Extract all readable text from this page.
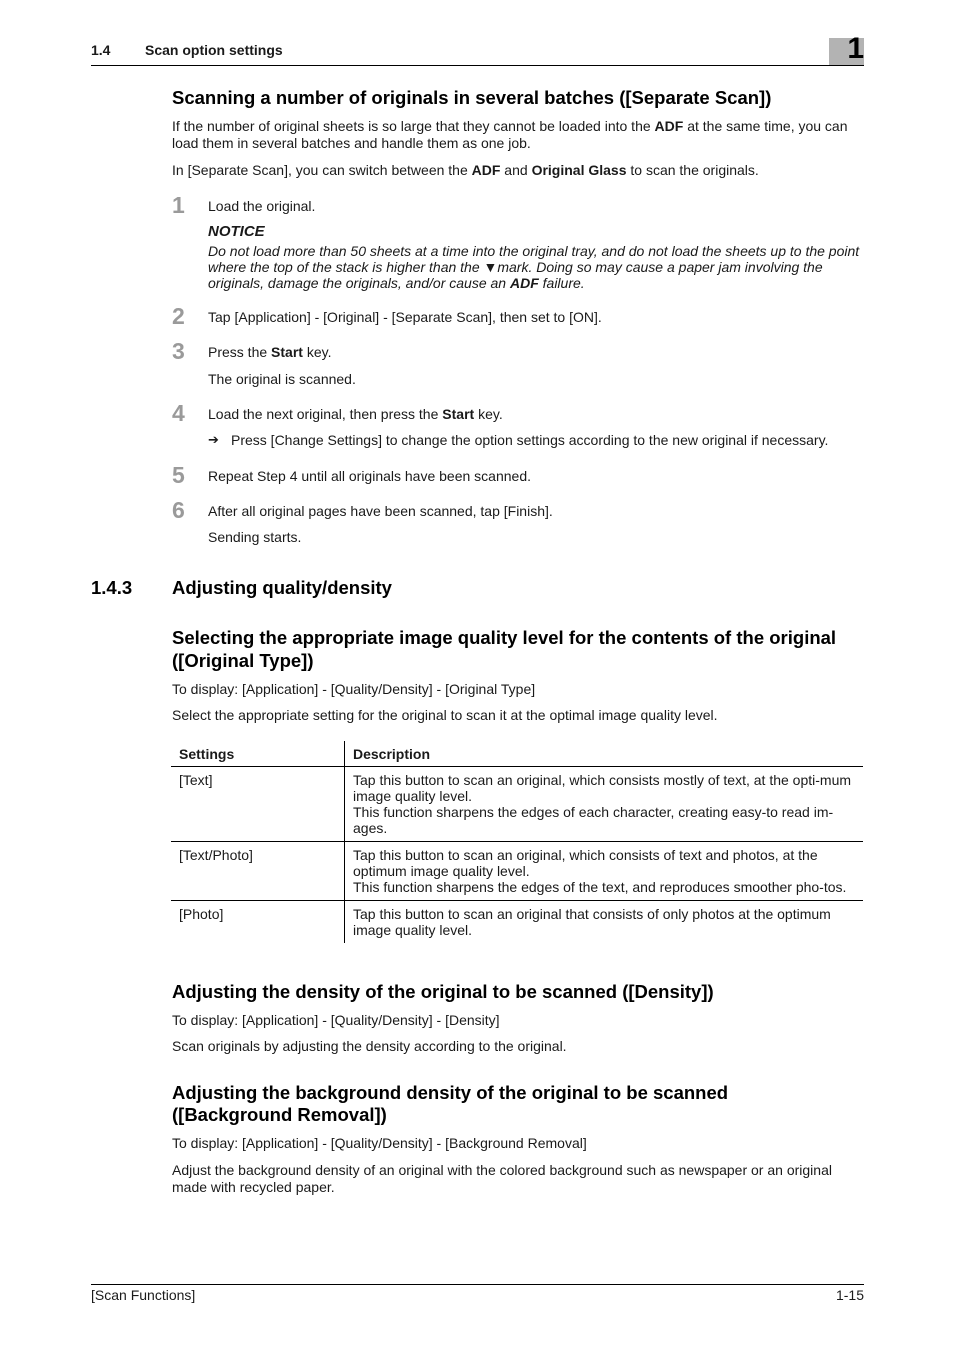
1.4 Scan option settings	1
Scanning a number of originals in several batches ([Separate Scan])
If the number of original sheets is so large that they cannot be loaded into the ADF at the same time, you can load them in several batches and handle them as one job.
In [Separate Scan], you can switch between the ADF and Original Glass to scan the originals.
1 Load the original.
NOTICE
Do not load more than 50 sheets at a time into the original tray, and do not load the sheets up to the point where the top of the stack is higher than the ▼mark. Doing so may cause a paper jam involving the originals, damage the originals, and/or cause an ADF failure.
2 Tap [Application] - [Original] - [Separate Scan], then set to [ON].
3 Press the Start key.
The original is scanned.
4 Load the next original, then press the Start key.
➔ Press [Change Settings] to change the option settings according to the new original if necessary.
5 Repeat Step 4 until all originals have been scanned.
6 After all original pages have been scanned, tap [Finish].
Sending starts.
1.4.3 Adjusting quality/density
Selecting the appropriate image quality level for the contents of the original
([Original Type])
To display: [Application] - [Quality/Density] - [Original Type]
Select the appropriate setting for the original to scan it at the optimal image quality level.
Settings	Description
[Text]	Tap this button to scan an original, which consists mostly of text, at the opti-mum image quality level.
This function sharpens the edges of each character, creating easy-to read im-ages.

[Text/Photo]	Tap this button to scan an original, which consists of text and photos, at the optimum image quality level.
This function sharpens the edges of the text, and reproduces smoother pho-tos.

[Photo]	Tap this button to scan an original that consists of only photos at the optimum image quality level.
Adjusting the density of the original to be scanned ([Density])
To display: [Application] - [Quality/Density] - [Density]
Scan originals by adjusting the density according to the original.
Adjusting the background density of the original to be scanned
([Background Removal])
To display: [Application] - [Quality/Density] - [Background Removal]
Adjust the background density of an original with the colored background such as newspaper or an original made with recycled paper.
[Scan Functions]	1-15
